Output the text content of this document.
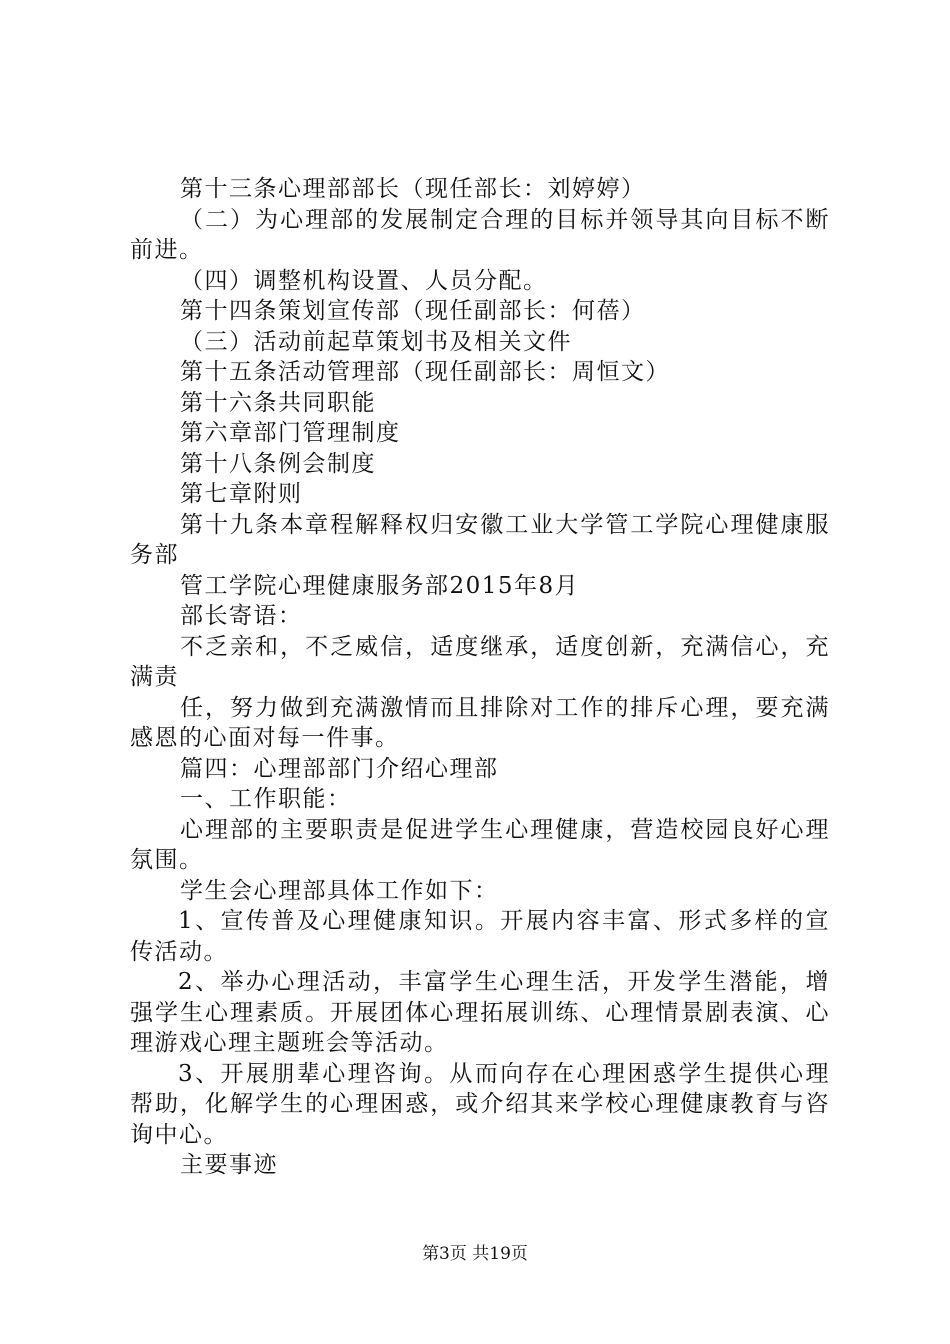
第十三条心理部部长（现任部长：刘婷婷）

（二）为心理部的发展制定合理的目标并领导其向目标不断前进。

（四）调整机构设置、人员分配。

第十四条策划宣传部（现任副部长：何蓓）

（三）活动前起草策划书及相关文件

第十五条活动管理部（现任副部长：周恒文）

第十六条共同职能

第六章部门管理制度

第十八条例会制度

第七章附则

第十九条本章程解释权归安徽工业大学管工学院心理健康服务部

管工学院心理健康服务部2015年8月

部长寄语：

不乏亲和，不乏威信，适度继承，适度创新，充满信心，充满责

任，努力做到充满激情而且排除对工作的排斥心理，要充满感恩的心面对每一件事。

篇四：心理部部门介绍心理部

一、工作职能：

心理部的主要职责是促进学生心理健康，营造校园良好心理氛围。

学生会心理部具体工作如下：

1、宣传普及心理健康知识。开展内容丰富、形式多样的宣传活动。

2、举办心理活动，丰富学生心理生活，开发学生潜能，增强学生心理素质。开展团体心理拓展训练、心理情景剧表演、心理游戏心理主题班会等活动。

3、开展朋辈心理咨询。从而向存在心理困惑学生提供心理帮助，化解学生的心理困惑，或介绍其来学校心理健康教育与咨询中心。

主要事迹

第3页 共19页
